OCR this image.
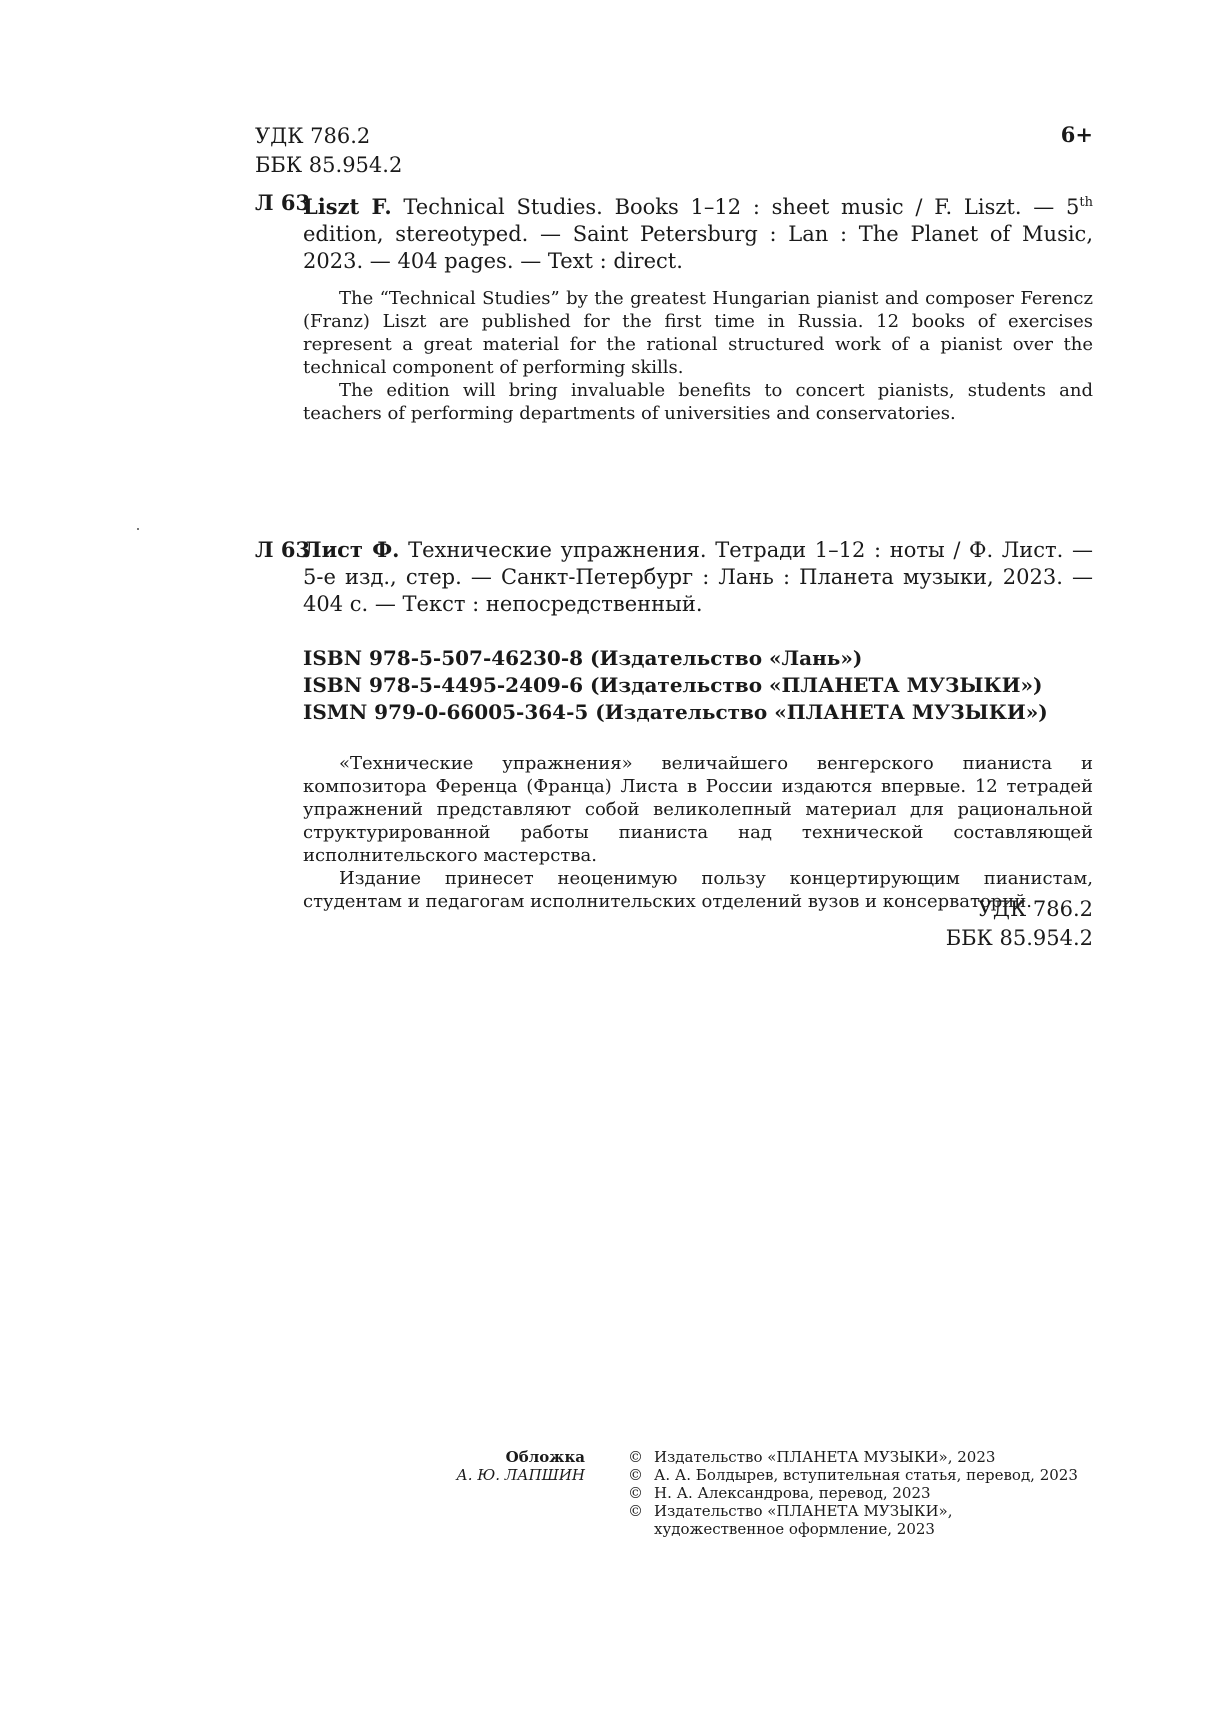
УДК 786.2
ББК 85.954.2
6+
Л 63
Liszt F. Technical Studies. Books 1–12 : sheet music / F. Liszt. — 5th edition, stereotyped. — Saint Petersburg : Lan : The Planet of Music, 2023. — 404 pages. — Text : direct.

The “Technical Studies” by the greatest Hungarian pianist and composer Ferencz (Franz) Liszt are published for the first time in Russia. 12 books of exercises represent a great material for the rational structured work of a pianist over the technical component of performing skills.

The edition will bring invaluable benefits to concert pianists, students and teachers of performing departments of universities and conservatories.

Л 63
Лист Ф. Технические упражнения. Тетради 1–12 : ноты / Ф. Лист. — 5-е изд., стер. — Санкт-Петербург : Лань : Планета музыки, 2023. — 404 с. — Текст : непосредственный.
ISBN 978-5-507-46230-8 (Издательство «Лань»)
ISBN 978-5-4495-2409-6 (Издательство «ПЛАНЕТА МУЗЫКИ»)
ISMN 979-0-66005-364-5 (Издательство «ПЛАНЕТА МУЗЫКИ»)

«Технические упражнения» величайшего венгерского пианиста и композитора Ференца (Франца) Листа в России издаются впервые. 12 тетрадей упражнений представляют собой великолепный материал для рациональной структурированной работы пианиста над технической составляющей исполнительского мастерства.

Издание принесет неоценимую пользу концертирующим пианистам, студентам и педагогам исполнительских отделений вузов и консерваторий.

УДК 786.2
ББК 85.954.2
Обложка
А. Ю. ЛАПШИН
© Издательство «ПЛАНЕТА МУЗЫКИ», 2023
© А. А. Болдырев, вступительная статья, перевод, 2023
© Н. А. Александрова, перевод, 2023
© Издательство «ПЛАНЕТА МУЗЫКИ»,
художественное оформление, 2023
